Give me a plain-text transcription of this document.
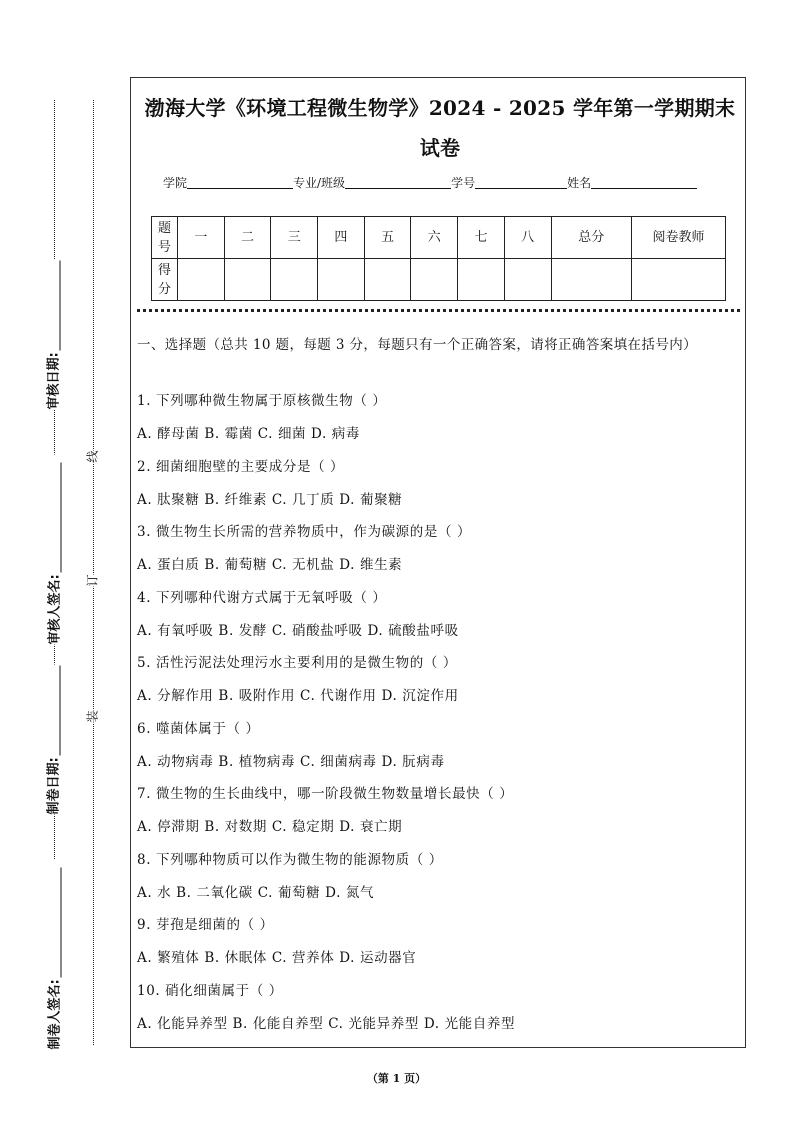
审核日期:
审核人签名:
制卷日期:
制卷人签名:
线
订
装
渤海大学《环境工程微生物学》2024 - 2025 学年第一学期期末试卷
学院	专业/班级	学号	姓名
题号	一	二	三	四	五	六	七	八	总分	阅卷教师
得分										
一、选择题（总共 10 题，每题 3 分，每题只有一个正确答案，请将正确答案填在括号内）
1. 下列哪种微生物属于原核微生物（ ）
A. 酵母菌 B. 霉菌 C. 细菌 D. 病毒
2. 细菌细胞壁的主要成分是（ ）
A. 肽聚糖 B. 纤维素 C. 几丁质 D. 葡聚糖
3. 微生物生长所需的营养物质中，作为碳源的是（ ）
A. 蛋白质 B. 葡萄糖 C. 无机盐 D. 维生素
4. 下列哪种代谢方式属于无氧呼吸（ ）
A. 有氧呼吸 B. 发酵 C. 硝酸盐呼吸 D. 硫酸盐呼吸
5. 活性污泥法处理污水主要利用的是微生物的（ ）
A. 分解作用 B. 吸附作用 C. 代谢作用 D. 沉淀作用
6. 噬菌体属于（ ）
A. 动物病毒 B. 植物病毒 C. 细菌病毒 D. 朊病毒
7. 微生物的生长曲线中，哪一阶段微生物数量增长最快（ ）
A. 停滞期 B. 对数期 C. 稳定期 D. 衰亡期
8. 下列哪种物质可以作为微生物的能源物质（ ）
A. 水 B. 二氧化碳 C. 葡萄糖 D. 氮气
9. 芽孢是细菌的（ ）
A. 繁殖体 B. 休眠体 C. 营养体 D. 运动器官
10. 硝化细菌属于（ ）
A. 化能异养型 B. 化能自养型 C. 光能异养型 D. 光能自养型
（第 1 页）
